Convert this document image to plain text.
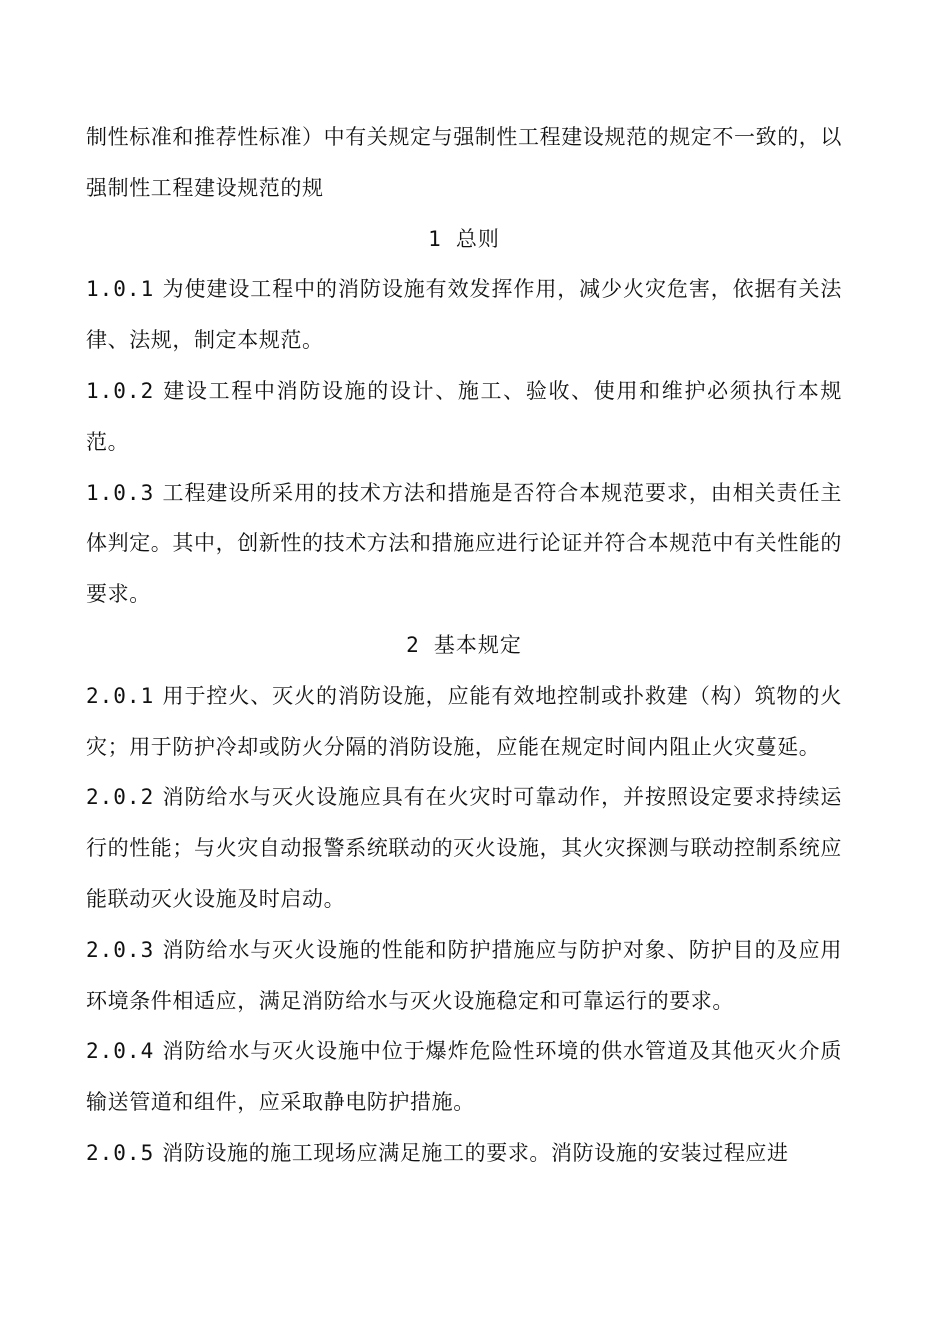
制性标准和推荐性标准）中有关规定与强制性工程建设规范的规定不一致的，以强制性工程建设规范的规

1 总则

1.0.1 为使建设工程中的消防设施有效发挥作用，减少火灾危害，依据有关法律、法规，制定本规范。

1.0.2 建设工程中消防设施的设计、施工、验收、使用和维护必须执行本规范。

1.0.3 工程建设所采用的技术方法和措施是否符合本规范要求，由相关责任主体判定。其中，创新性的技术方法和措施应进行论证并符合本规范中有关性能的要求。

2 基本规定

2.0.1 用于控火、灭火的消防设施，应能有效地控制或扑救建（构）筑物的火灾；用于防护冷却或防火分隔的消防设施，应能在规定时间内阻止火灾蔓延。

2.0.2 消防给水与灭火设施应具有在火灾时可靠动作，并按照设定要求持续运行的性能；与火灾自动报警系统联动的灭火设施，其火灾探测与联动控制系统应能联动灭火设施及时启动。

2.0.3 消防给水与灭火设施的性能和防护措施应与防护对象、防护目的及应用环境条件相适应，满足消防给水与灭火设施稳定和可靠运行的要求。

2.0.4 消防给水与灭火设施中位于爆炸危险性环境的供水管道及其他灭火介质输送管道和组件，应采取静电防护措施。

2.0.5 消防设施的施工现场应满足施工的要求。消防设施的安装过程应进
